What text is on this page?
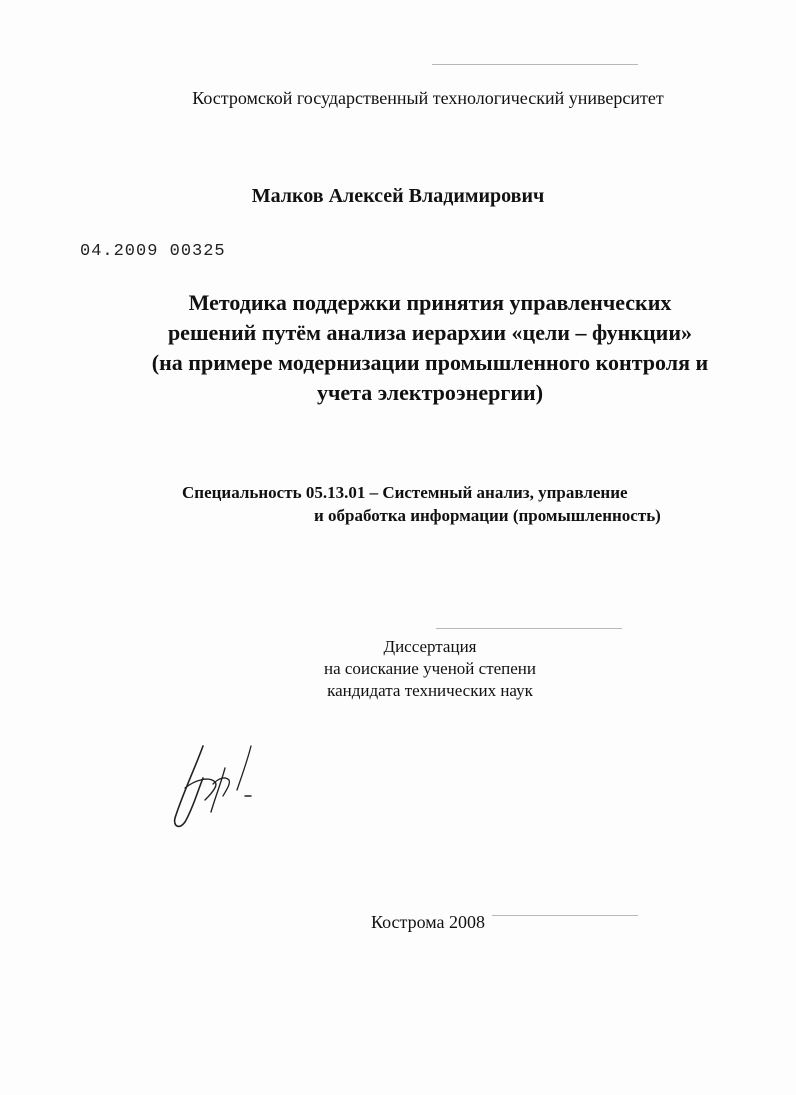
Костромской государственный технологический университет
Малков Алексей Владимирович
04.2009 00325
Методика поддержки принятия управленческих
решений путём анализа иерархии «цели – функции»
(на примере модернизации промышленного контроля и
учета электроэнергии)
Специальность 05.13.01 – Системный анализ, управление
и обработка информации (промышленность)
Диссертация
на соискание ученой степени
кандидата технических наук
Кострома 2008
